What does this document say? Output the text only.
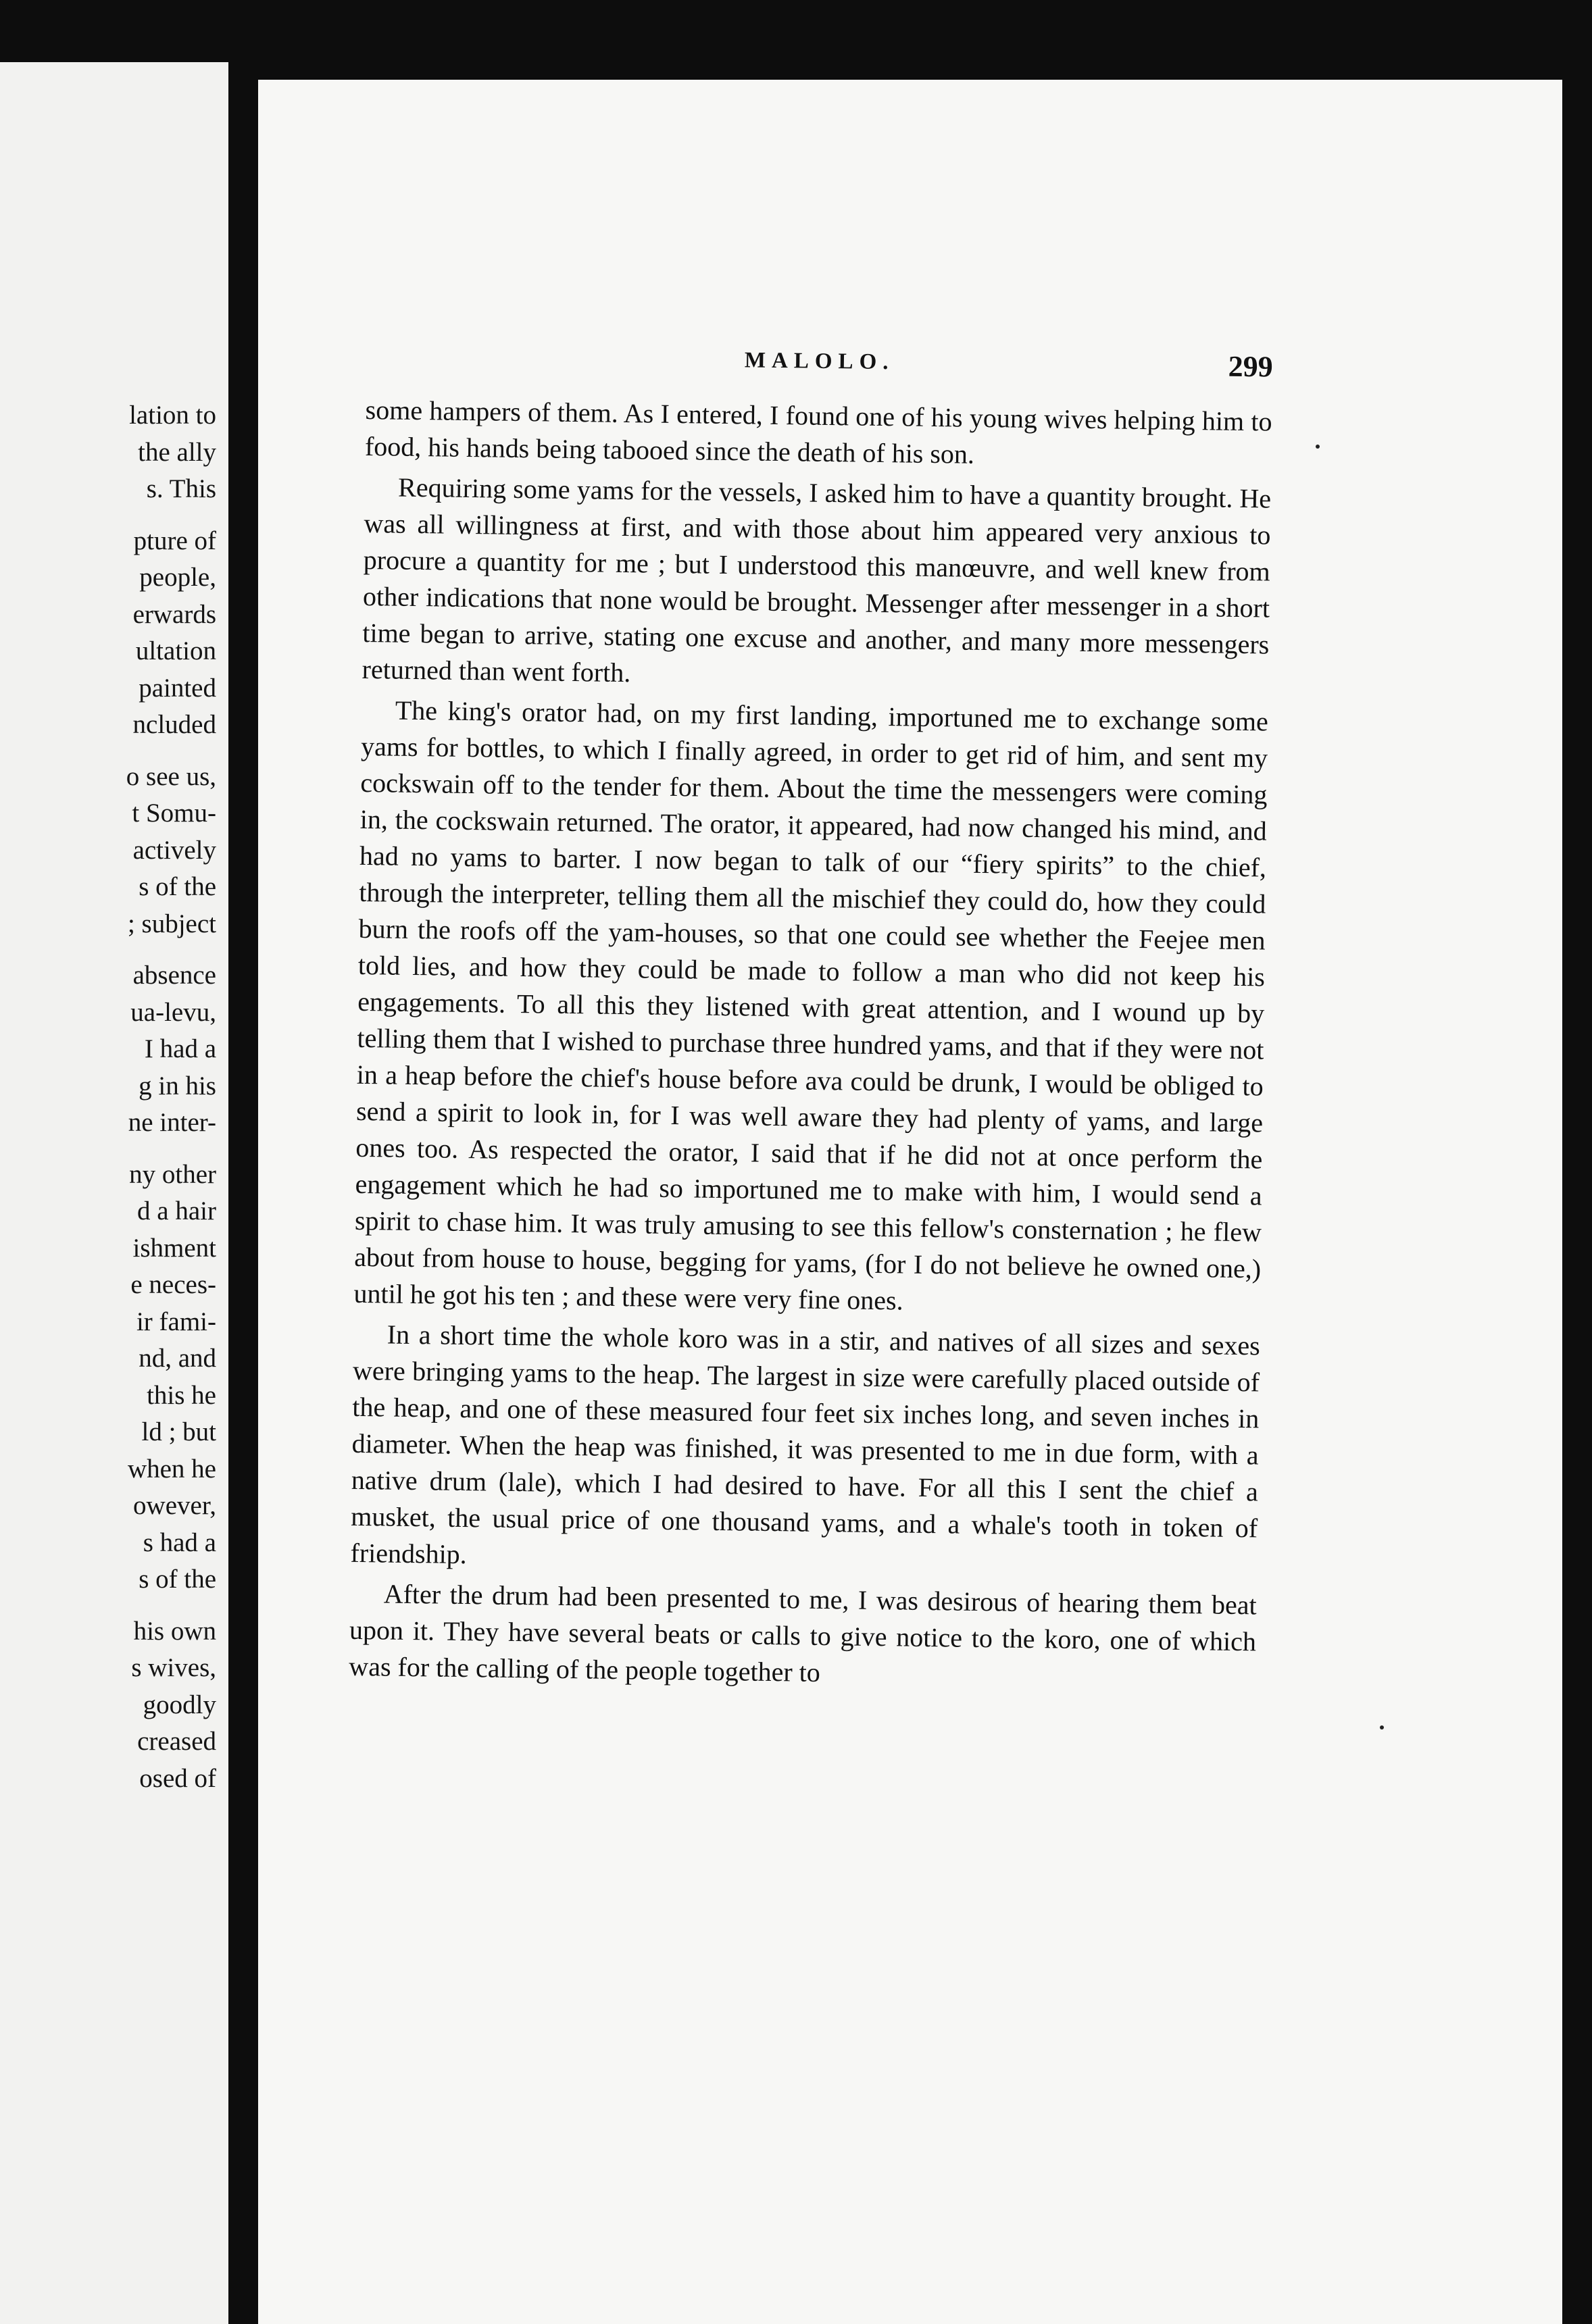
lation to
the ally
s. This
pture of
people,
erwards
ultation
painted
ncluded
o see us,
t Somu-
actively
s of the
; subject
absence
ua-levu,
I had a
g in his
ne inter-
ny other
d a hair
ishment
e neces-
ir fami-
nd, and
this he
ld ; but
when he
owever,
s had a
s of the
his own
s wives,
goodly
creased
osed of
MALOLO.	299

some hampers of them. As I entered, I found one of his young wives helping him to food, his hands being tabooed since the death of his son.

Requiring some yams for the vessels, I asked him to have a quantity brought. He was all willingness at first, and with those about him appeared very anxious to procure a quantity for me ; but I understood this manœuvre, and well knew from other indications that none would be brought. Messenger after messenger in a short time began to arrive, stating one excuse and another, and many more messengers returned than went forth.

The king's orator had, on my first landing, importuned me to exchange some yams for bottles, to which I finally agreed, in order to get rid of him, and sent my cockswain off to the tender for them. About the time the messengers were coming in, the cockswain returned. The orator, it appeared, had now changed his mind, and had no yams to barter. I now began to talk of our “fiery spirits” to the chief, through the interpreter, telling them all the mischief they could do, how they could burn the roofs off the yam-houses, so that one could see whether the Feejee men told lies, and how they could be made to follow a man who did not keep his engagements. To all this they listened with great attention, and I wound up by telling them that I wished to purchase three hundred yams, and that if they were not in a heap before the chief's house before ava could be drunk, I would be obliged to send a spirit to look in, for I was well aware they had plenty of yams, and large ones too. As respected the orator, I said that if he did not at once perform the engagement which he had so importuned me to make with him, I would send a spirit to chase him. It was truly amusing to see this fellow's consternation ; he flew about from house to house, begging for yams, (for I do not believe he owned one,) until he got his ten ; and these were very fine ones.

In a short time the whole koro was in a stir, and natives of all sizes and sexes were bringing yams to the heap. The largest in size were carefully placed outside of the heap, and one of these measured four feet six inches long, and seven inches in diameter. When the heap was finished, it was presented to me in due form, with a native drum (lale), which I had desired to have. For all this I sent the chief a musket, the usual price of one thousand yams, and a whale's tooth in token of friendship.

After the drum had been presented to me, I was desirous of hearing them beat upon it. They have several beats or calls to give notice to the koro, one of which was for the calling of the people together to
